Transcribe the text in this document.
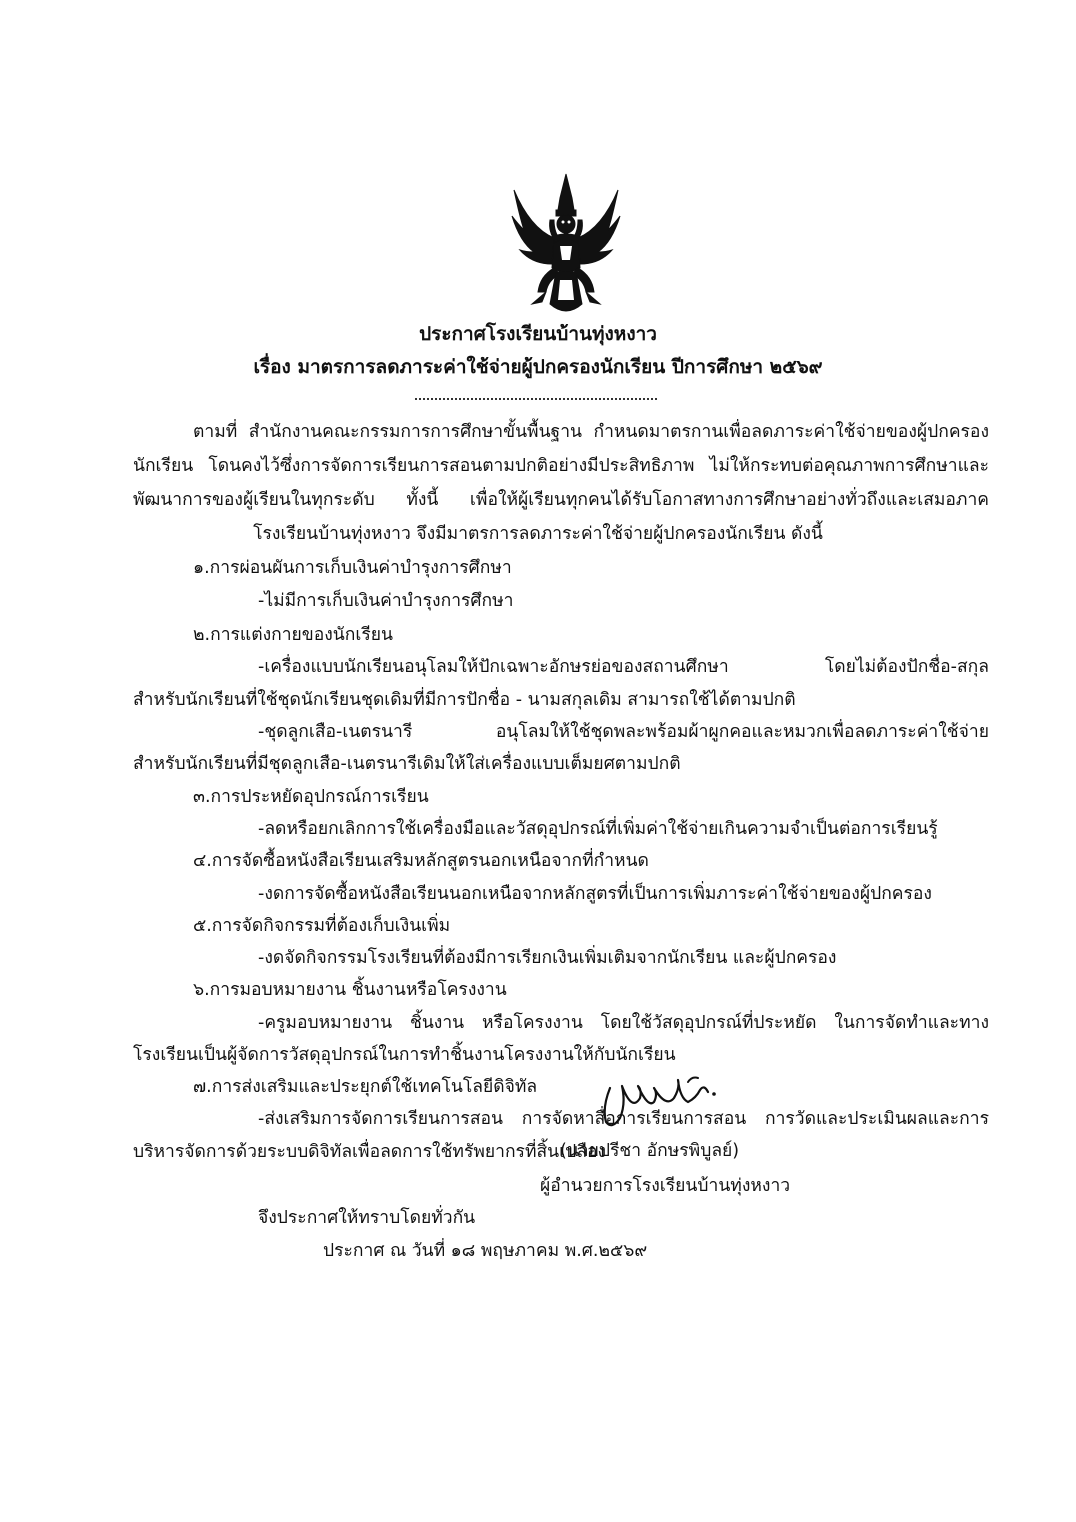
ประกาศโรงเรียนบ้านทุ่งหงาว
เรื่อง มาตรการลดภาระค่าใช้จ่ายผู้ปกครองนักเรียน ปีการศึกษา ๒๕๖๙
ตามที่ สำนักงานคณะกรรมการการศึกษาขั้นพื้นฐาน กำหนดมาตรกานเพื่อลดภาระค่าใช้จ่ายของผู้ปกครอง
นักเรียน โดนคงไว้ซึ่งการจัดการเรียนการสอนตามปกติอย่างมีประสิทธิภาพ ไม่ให้กระทบต่อคุณภาพการศึกษาและ
พัฒนาการของผู้เรียนในทุกระดับ ทั้งนี้ เพื่อให้ผู้เรียนทุกคนได้รับโอกาสทางการศึกษาอย่างทั่วถึงและเสมอภาค
โรงเรียนบ้านทุ่งหงาว จึงมีมาตรการลดภาระค่าใช้จ่ายผู้ปกครองนักเรียน ดังนี้
๑.การผ่อนผันการเก็บเงินค่าบำรุงการศึกษา
-ไม่มีการเก็บเงินค่าบำรุงการศึกษา
๒.การแต่งกายของนักเรียน
-เครื่องแบบนักเรียนอนุโลมให้ปักเฉพาะอักษรย่อของสถานศึกษา โดยไม่ต้องปักชื่อ-สกุล
สำหรับนักเรียนที่ใช้ชุดนักเรียนชุดเดิมที่มีการปักชื่อ - นามสกุลเดิม สามารถใช้ได้ตามปกติ
-ชุดลูกเสือ-เนตรนารี อนุโลมให้ใช้ชุดพละพร้อมผ้าผูกคอและหมวกเพื่อลดภาระค่าใช้จ่าย
สำหรับนักเรียนที่มีชุดลูกเสือ-เนตรนารีเดิมให้ใส่เครื่องแบบเต็มยศตามปกติ
๓.การประหยัดอุปกรณ์การเรียน
-ลดหรือยกเลิกการใช้เครื่องมือและวัสดุอุปกรณ์ที่เพิ่มค่าใช้จ่ายเกินความจำเป็นต่อการเรียนรู้
๔.การจัดซื้อหนังสือเรียนเสริมหลักสูตรนอกเหนือจากที่กำหนด
-งดการจัดซื้อหนังสือเรียนนอกเหนือจากหลักสูตรที่เป็นการเพิ่มภาระค่าใช้จ่ายของผู้ปกครอง
๕.การจัดกิจกรรมที่ต้องเก็บเงินเพิ่ม
-งดจัดกิจกรรมโรงเรียนที่ต้องมีการเรียกเงินเพิ่มเติมจากนักเรียน และผู้ปกครอง
๖.การมอบหมายงาน ชิ้นงานหรือโครงงาน
-ครูมอบหมายงาน ชิ้นงาน หรือโครงงาน โดยใช้วัสดุอุปกรณ์ที่ประหยัด ในการจัดทำและทาง
โรงเรียนเป็นผู้จัดการวัสดุอุปกรณ์ในการทำชิ้นงานโครงงานให้กับนักเรียน
๗.การส่งเสริมและประยุกต์ใช้เทคโนโลยีดิจิทัล
-ส่งเสริมการจัดการเรียนการสอน การจัดหาสื่อการเรียนการสอน การวัดและประเมินผลและการ
บริหารจัดการด้วยระบบดิจิทัลเพื่อลดการใช้ทรัพยากรที่สิ้นเปลือง
จึงประกาศให้ทราบโดยทั่วกัน
ประกาศ ณ วันที่ ๑๘ พฤษภาคม พ.ศ.๒๕๖๙
(นายปรีชา อักษรพิบูลย์)
ผู้อำนวยการโรงเรียนบ้านทุ่งหงาว
